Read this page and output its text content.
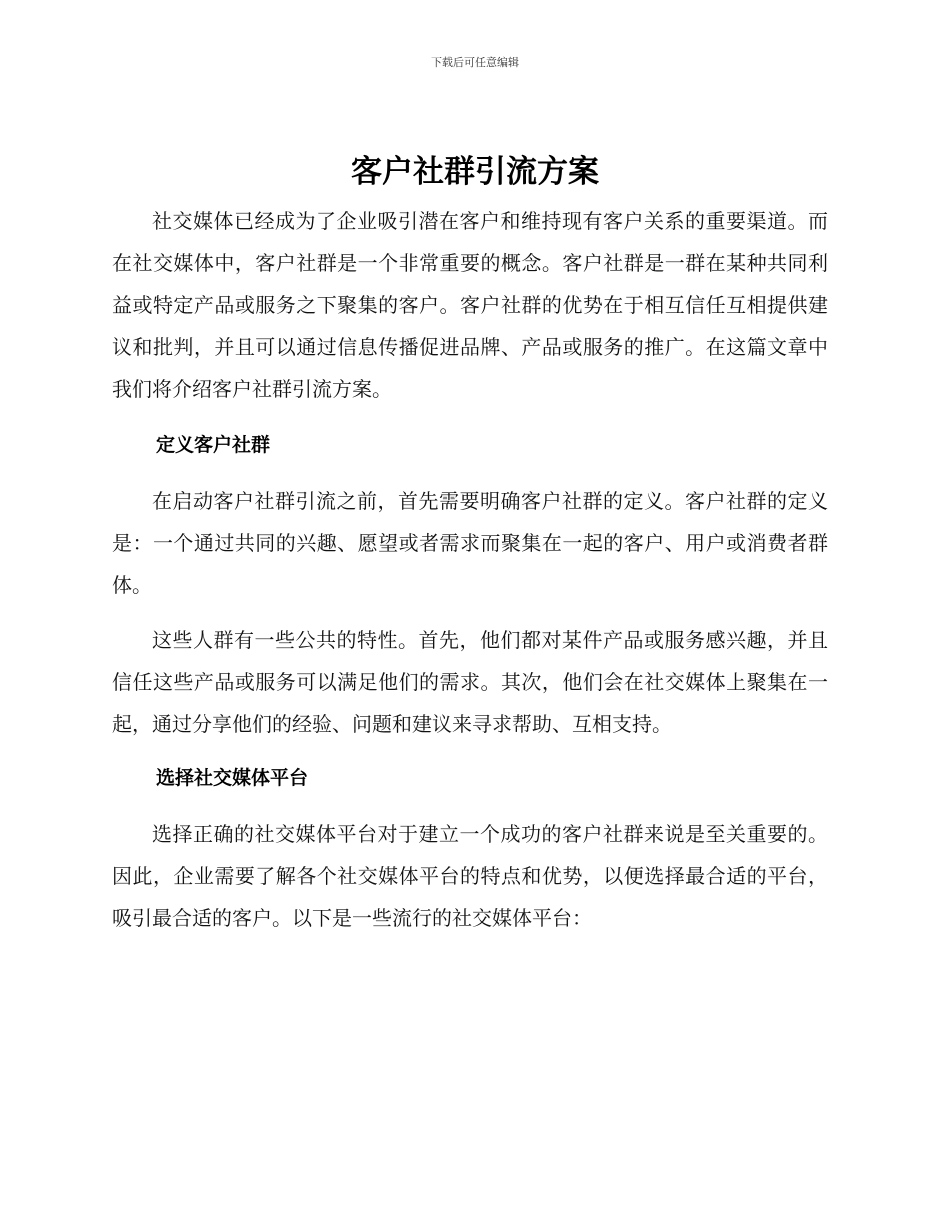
下载后可任意编辑
客户社群引流方案

社交媒体已经成为了企业吸引潜在客户和维持现有客户关系的重要渠道。而在社交媒体中，客户社群是一个非常重要的概念。客户社群是一群在某种共同利益或特定产品或服务之下聚集的客户。客户社群的优势在于相互信任互相提供建议和批判，并且可以通过信息传播促进品牌、产品或服务的推广。在这篇文章中我们将介绍客户社群引流方案。

定义客户社群

在启动客户社群引流之前，首先需要明确客户社群的定义。客户社群的定义是：一个通过共同的兴趣、愿望或者需求而聚集在一起的客户、用户或消费者群体。

这些人群有一些公共的特性。首先，他们都对某件产品或服务感兴趣，并且信任这些产品或服务可以满足他们的需求。其次，他们会在社交媒体上聚集在一起，通过分享他们的经验、问题和建议来寻求帮助、互相支持。

选择社交媒体平台

选择正确的社交媒体平台对于建立一个成功的客户社群来说是至关重要的。因此，企业需要了解各个社交媒体平台的特点和优势，以便选择最合适的平台，吸引最合适的客户。以下是一些流行的社交媒体平台：
